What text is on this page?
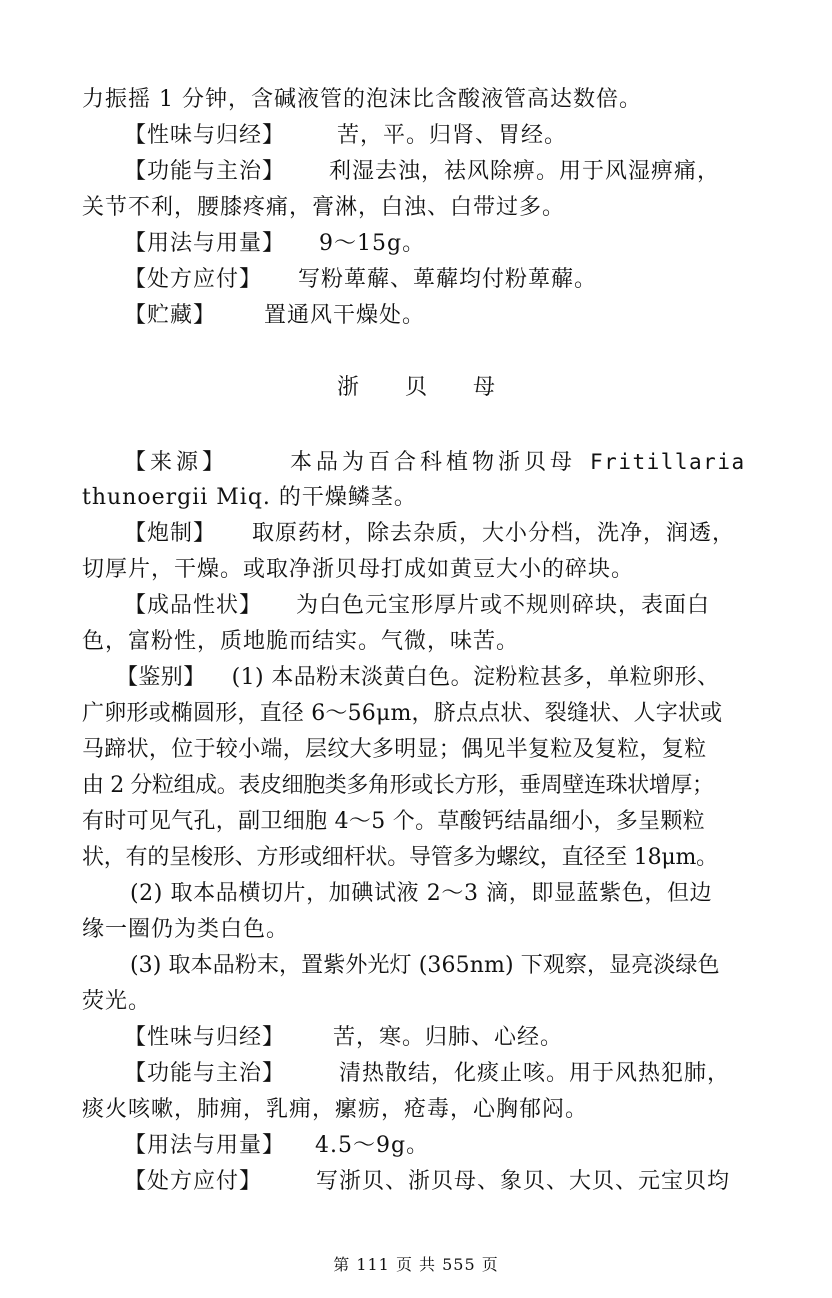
力振摇 1 分钟，含碱液管的泡沫比含酸液管高达数倍。
【性味与归经】 苦，平。归肾、胃经。
【功能与主治】 利湿去浊，祛风除痹。用于风湿痹痛，
关节不利，腰膝疼痛，膏淋，白浊、白带过多。
【用法与用量】 9～15g。
【处方应付】 写粉萆薢、萆薢均付粉萆薢。
【贮藏】 置通风干燥处。
浙 贝 母
【来源】	本品为百合科植物浙贝母 Fritillaria
thunoergii Miq. 的干燥鳞茎。
【炮制】 取原药材，除去杂质，大小分档，洗净，润透，
切厚片，干燥。或取净浙贝母打成如黄豆大小的碎块。
【成品性状】 为白色元宝形厚片或不规则碎块，表面白
色，富粉性，质地脆而结实。气微，味苦。
【鉴别】 (1) 本品粉末淡黄白色。淀粉粒甚多，单粒卵形、
广卵形或椭圆形，直径 6～56μm，脐点点状、裂缝状、人字状或
马蹄状，位于较小端，层纹大多明显；偶见半复粒及复粒，复粒
由 2 分粒组成。表皮细胞类多角形或长方形，垂周壁连珠状增厚；
有时可见气孔，副卫细胞 4～5 个。草酸钙结晶细小，多呈颗粒
状，有的呈梭形、方形或细杆状。导管多为螺纹，直径至 18μm。
(2) 取本品横切片，加碘试液 2～3 滴，即显蓝紫色，但边
缘一圈仍为类白色。
(3) 取本品粉末，置紫外光灯 (365nm) 下观察，显亮淡绿色
荧光。
【性味与归经】 苦，寒。归肺、心经。
【功能与主治】 清热散结，化痰止咳。用于风热犯肺，
痰火咳嗽，肺痈，乳痈，瘰疬，疮毒，心胸郁闷。
【用法与用量】 4.5～9g。
【处方应付】 写浙贝、浙贝母、象贝、大贝、元宝贝均
第 111 页 共 555 页
